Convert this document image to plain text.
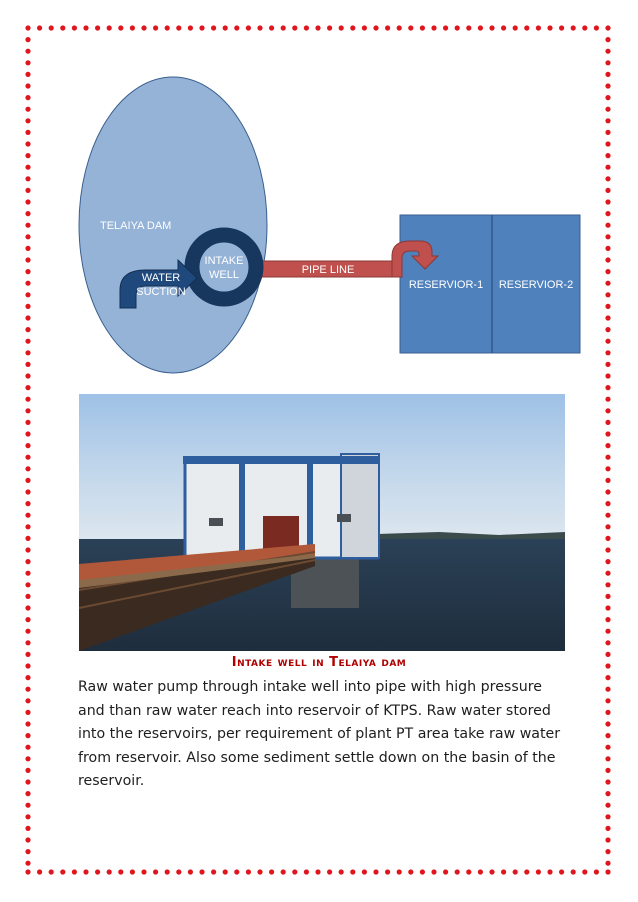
TELAIYA DAM
INTAKE
WELL
WATER
SUCTION
PIPE LINE
RESERVIOR-1	RESERVIOR-2
Intake well in Telaiya dam

Raw water pump through intake well into pipe with high pressure and than raw water reach into reservoir of KTPS. Raw water stored into the reservoirs, per requirement of plant PT area take raw water from reservoir. Also some sediment settle down on the basin of the reservoir.
